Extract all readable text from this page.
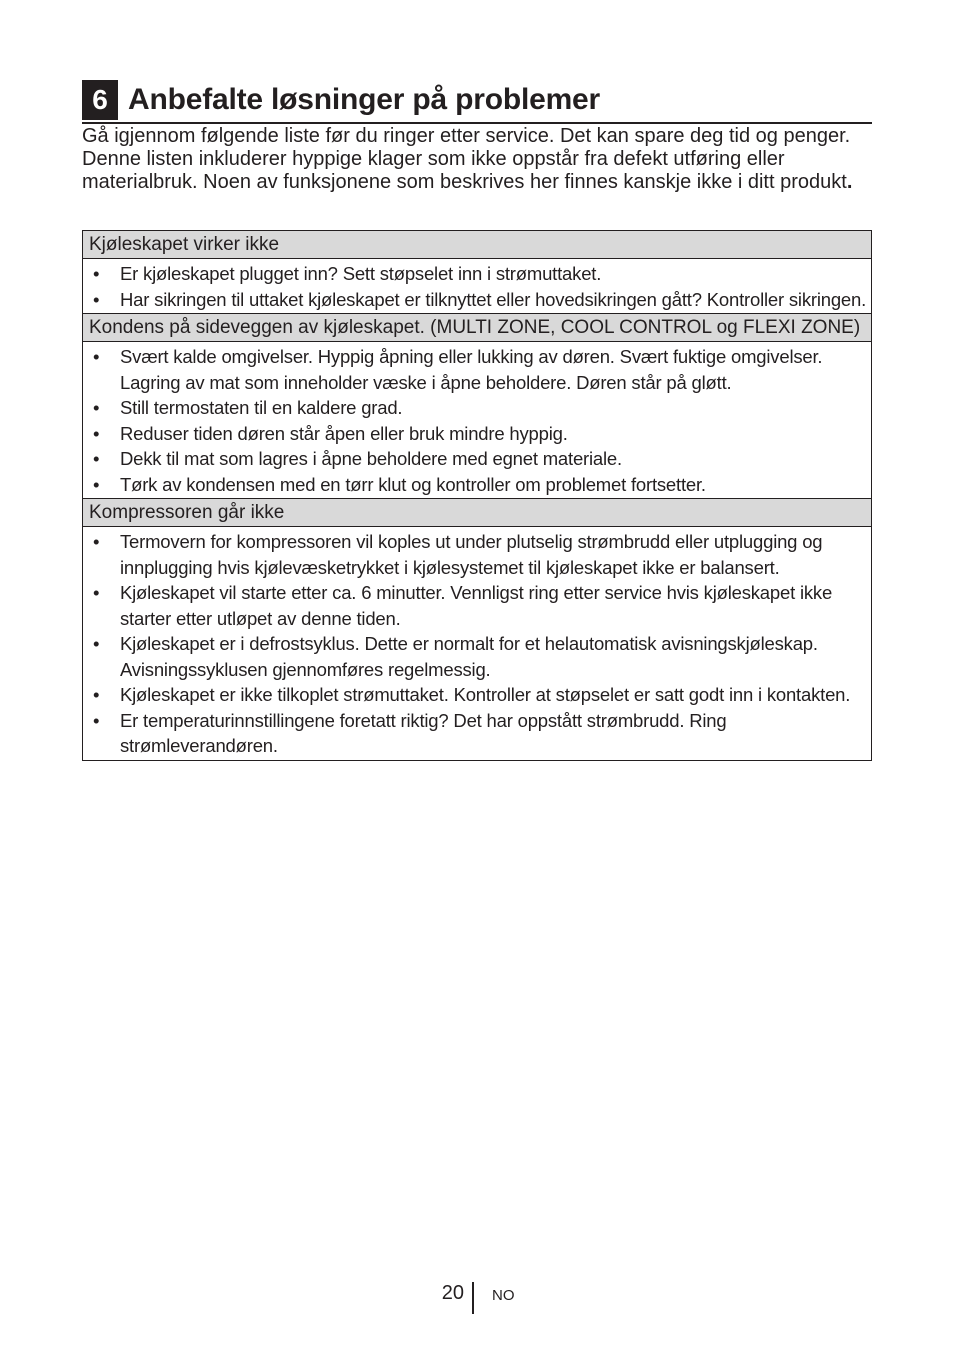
6 Anbefalte løsninger på problemer

Gå igjennom følgende liste før du ringer etter service. Det kan spare deg tid og penger. Denne listen inkluderer hyppige klager som ikke oppstår fra defekt utføring eller materialbruk. Noen av funksjonene som beskrives her finnes kanskje ikke i ditt produkt.

Kjøleskapet virker ikke
• Er kjøleskapet plugget inn? Sett støpselet inn i strømuttaket.
• Har sikringen til uttaket kjøleskapet er tilknyttet eller hovedsikringen gått? Kontroller sikringen.
Kondens på sideveggen av kjøleskapet. (MULTI ZONE, COOL CONTROL og FLEXI ZONE)
• Svært kalde omgivelser. Hyppig åpning eller lukking av døren. Svært fuktige omgivelser. Lagring av mat som inneholder væske i åpne beholdere. Døren står på gløtt.
• Still termostaten til en kaldere grad.
• Reduser tiden døren står åpen eller bruk mindre hyppig.
• Dekk til mat som lagres i åpne beholdere med egnet materiale.
• Tørk av kondensen med en tørr klut og kontroller om problemet fortsetter.
Kompressoren går ikke
• Termovern for kompressoren vil koples ut under plutselig strømbrudd eller utplugging og innplugging hvis kjølevæsketrykket i kjølesystemet til kjøleskapet ikke er balansert.
• Kjøleskapet vil starte etter ca. 6 minutter. Vennligst ring etter service hvis kjøleskapet ikke starter etter utløpet av denne tiden.
• Kjøleskapet er i defrostsyklus. Dette er normalt for et helautomatisk avisningskjøleskap. Avisningssyklusen gjennomføres regelmessig.
• Kjøleskapet er ikke tilkoplet strømuttaket. Kontroller at støpselet er satt godt inn i kontakten.
• Er temperaturinnstillingene foretatt riktig? Det har oppstått strømbrudd. Ring strømleverandøren.
20 NO
